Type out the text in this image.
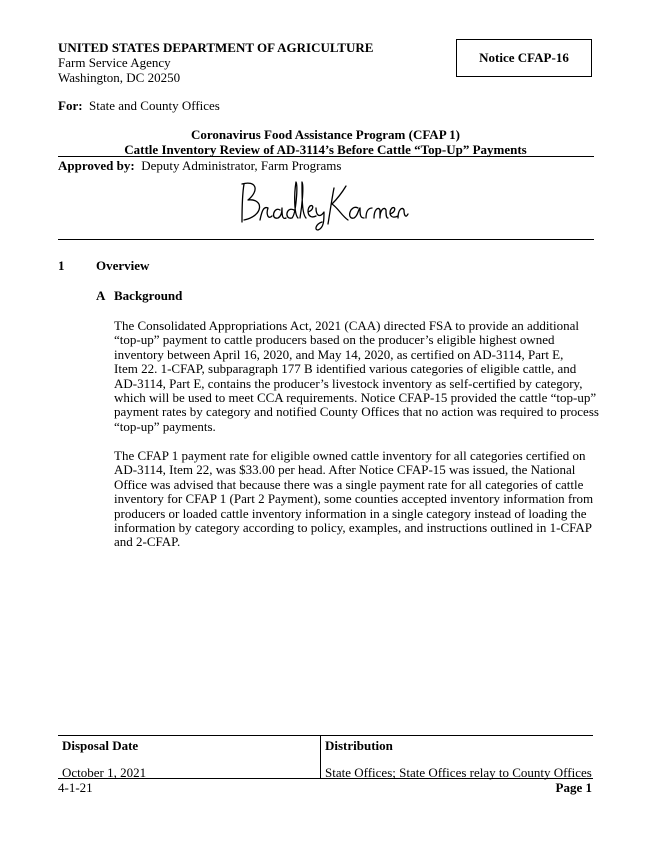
UNITED STATES DEPARTMENT OF AGRICULTURE
Farm Service Agency
Washington, DC 20250
Notice CFAP-16
For: State and County Offices
Coronavirus Food Assistance Program (CFAP 1)
Cattle Inventory Review of AD-3114’s Before Cattle “Top-Up” Payments
Approved by: Deputy Administrator, Farm Programs
1 Overview
A Background
The Consolidated Appropriations Act, 2021 (CAA) directed FSA to provide an additional
“top-up” payment to cattle producers based on the producer’s eligible highest owned
inventory between April 16, 2020, and May 14, 2020, as certified on AD-3114, Part E,
Item 22. 1-CFAP, subparagraph 177 B identified various categories of eligible cattle, and
AD-3114, Part E, contains the producer’s livestock inventory as self-certified by category,
which will be used to meet CCA requirements. Notice CFAP-15 provided the cattle “top-up”
payment rates by category and notified County Offices that no action was required to process
“top-up” payments.
The CFAP 1 payment rate for eligible owned cattle inventory for all categories certified on
AD-3114, Item 22, was $33.00 per head. After Notice CFAP-15 was issued, the National
Office was advised that because there was a single payment rate for all categories of cattle
inventory for CFAP 1 (Part 2 Payment), some counties accepted inventory information from
producers or loaded cattle inventory information in a single category instead of loading the
information by category according to policy, examples, and instructions outlined in 1-CFAP
and 2-CFAP.
Disposal Date
October 1, 2021
Distribution
State Offices; State Offices relay to County Offices
4-1-21	Page 1
